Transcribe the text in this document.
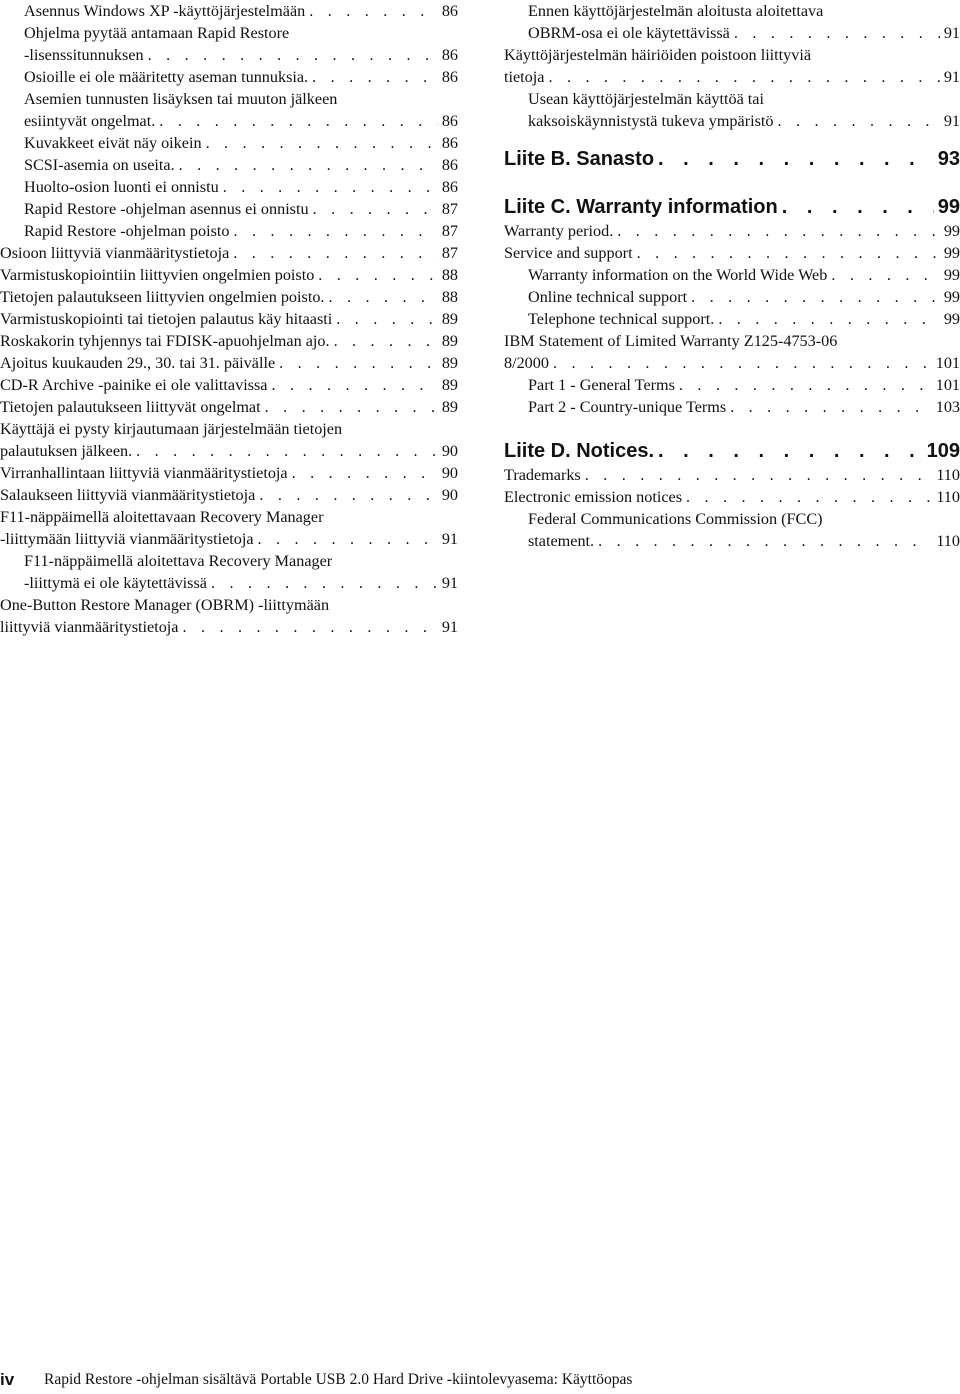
Asennus Windows XP -käyttöjärjestelmään . . .	86
Ohjelma pyytää antamaan Rapid Restore
-lisenssitunnuksen . . .	86
Osioille ei ole määritetty aseman tunnuksia. . . .	86
Asemien tunnusten lisäyksen tai muuton jälkeen
esiintyvät ongelmat. . . .	86
Kuvakkeet eivät näy oikein . . .	86
SCSI-asemia on useita. . . .	86
Huolto-osion luonti ei onnistu . . .	86
Rapid Restore -ohjelman asennus ei onnistu . . .	87
Rapid Restore -ohjelman poisto . . .	87
Osioon liittyviä vianmääritystietoja . . .	87
Varmistuskopiointiin liittyvien ongelmien poisto . . .	88
Tietojen palautukseen liittyvien ongelmien poisto. . . .	88
Varmistuskopiointi tai tietojen palautus käy hitaasti . . .	89
Roskakorin tyhjennys tai FDISK-apuohjelman ajo. . . .	89
Ajoitus kuukauden 29., 30. tai 31. päivälle . . .	89
CD-R Archive -painike ei ole valittavissa . . .	89
Tietojen palautukseen liittyvät ongelmat . . .	89
Käyttäjä ei pysty kirjautumaan järjestelmään tietojen
palautuksen jälkeen. . . .	90
Virranhallintaan liittyviä vianmääritystietoja . . .	90
Salaukseen liittyviä vianmääritystietoja . . .	90
F11-näppäimellä aloitettavaan Recovery Manager
-liittymään liittyviä vianmääritystietoja . . .	91
F11-näppäimellä aloitettava Recovery Manager
-liittymä ei ole käytettävissä . . .	91
One-Button Restore Manager (OBRM) -liittymään
liittyviä vianmääritystietoja . . .	91
Ennen käyttöjärjestelmän aloitusta aloitettava
OBRM-osa ei ole käytettävissä . . .	91
Käyttöjärjestelmän häiriöiden poistoon liittyviä
tietoja . . .	91
Usean käyttöjärjestelmän käyttöä tai
kaksoiskäynnistystä tukeva ympäristö . . .	91
Liite B. Sanasto . . .	93
Liite C. Warranty information . . .	99
Warranty period. . . .	99
Service and support . . .	99
Warranty information on the World Wide Web . . .	99
Online technical support . . .	99
Telephone technical support. . . .	99
IBM Statement of Limited Warranty Z125-4753-06
8/2000 . . .	101
Part 1 - General Terms . . .	101
Part 2 - Country-unique Terms . . .	103
Liite D. Notices. . . .	109
Trademarks . . .	110
Electronic emission notices . . .	110
Federal Communications Commission (FCC)
statement. . . .	110
iv Rapid Restore -ohjelman sisältävä Portable USB 2.0 Hard Drive -kiintolevyasema: Käyttöopas
